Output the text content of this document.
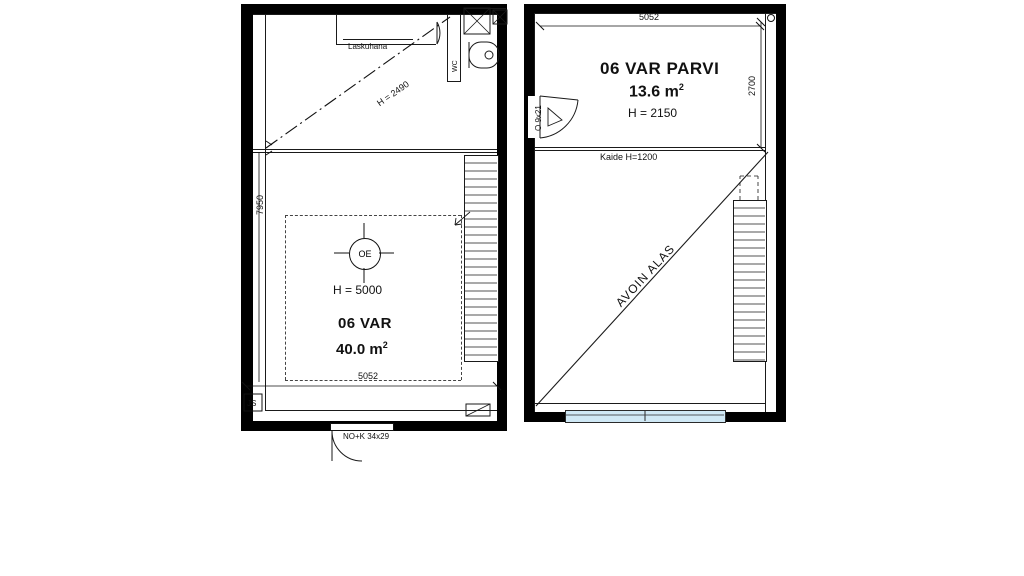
Laskuhana
WC
H = 2490
OE
H = 5000
06 VAR
40.0 $m^2$
5052
7950
JS
NO+K 34x29
5052
06 VAR PARVI
13.6 $m^2$
H = 2150
2700
Kaide H=1200
O 9x21
AVOIN ALAS
